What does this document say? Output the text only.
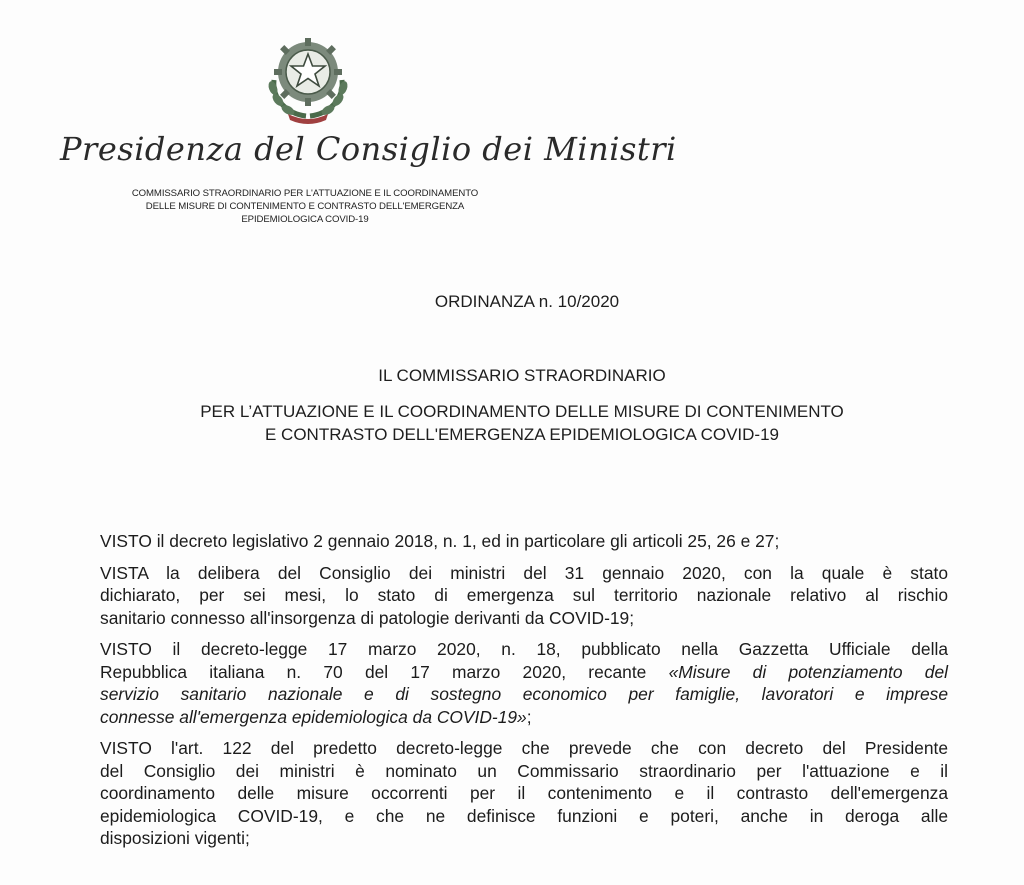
Presidenza del Consiglio dei Ministri
COMMISSARIO STRAORDINARIO PER L'ATTUAZIONE E IL COORDINAMENTO
DELLE MISURE DI CONTENIMENTO E CONTRASTO DELL'EMERGENZA
EPIDEMIOLOGICA COVID-19
ORDINANZA n. 10/2020
IL COMMISSARIO STRAORDINARIO
PER L’ATTUAZIONE E IL COORDINAMENTO DELLE MISURE DI CONTENIMENTO
E CONTRASTO DELL'EMERGENZA EPIDEMIOLOGICA COVID-19
VISTO il decreto legislativo 2 gennaio 2018, n. 1, ed in particolare gli articoli 25, 26 e 27;
VISTA la delibera del Consiglio dei ministri del 31 gennaio 2020, con la quale è stato
dichiarato, per sei mesi, lo stato di emergenza sul territorio nazionale relativo al rischio
sanitario connesso all'insorgenza di patologie derivanti da COVID-19;
VISTO il decreto-legge 17 marzo 2020, n. 18, pubblicato nella Gazzetta Ufficiale della
Repubblica italiana n. 70 del 17 marzo 2020, recante «Misure di potenziamento del
servizio sanitario nazionale e di sostegno economico per famiglie, lavoratori e imprese
connesse all'emergenza epidemiologica da COVID-19»;
VISTO l'art. 122 del predetto decreto-legge che prevede che con decreto del Presidente
del Consiglio dei ministri è nominato un Commissario straordinario per l'attuazione e il
coordinamento delle misure occorrenti per il contenimento e il contrasto dell'emergenza
epidemiologica COVID-19, e che ne definisce funzioni e poteri, anche in deroga alle
disposizioni vigenti;
